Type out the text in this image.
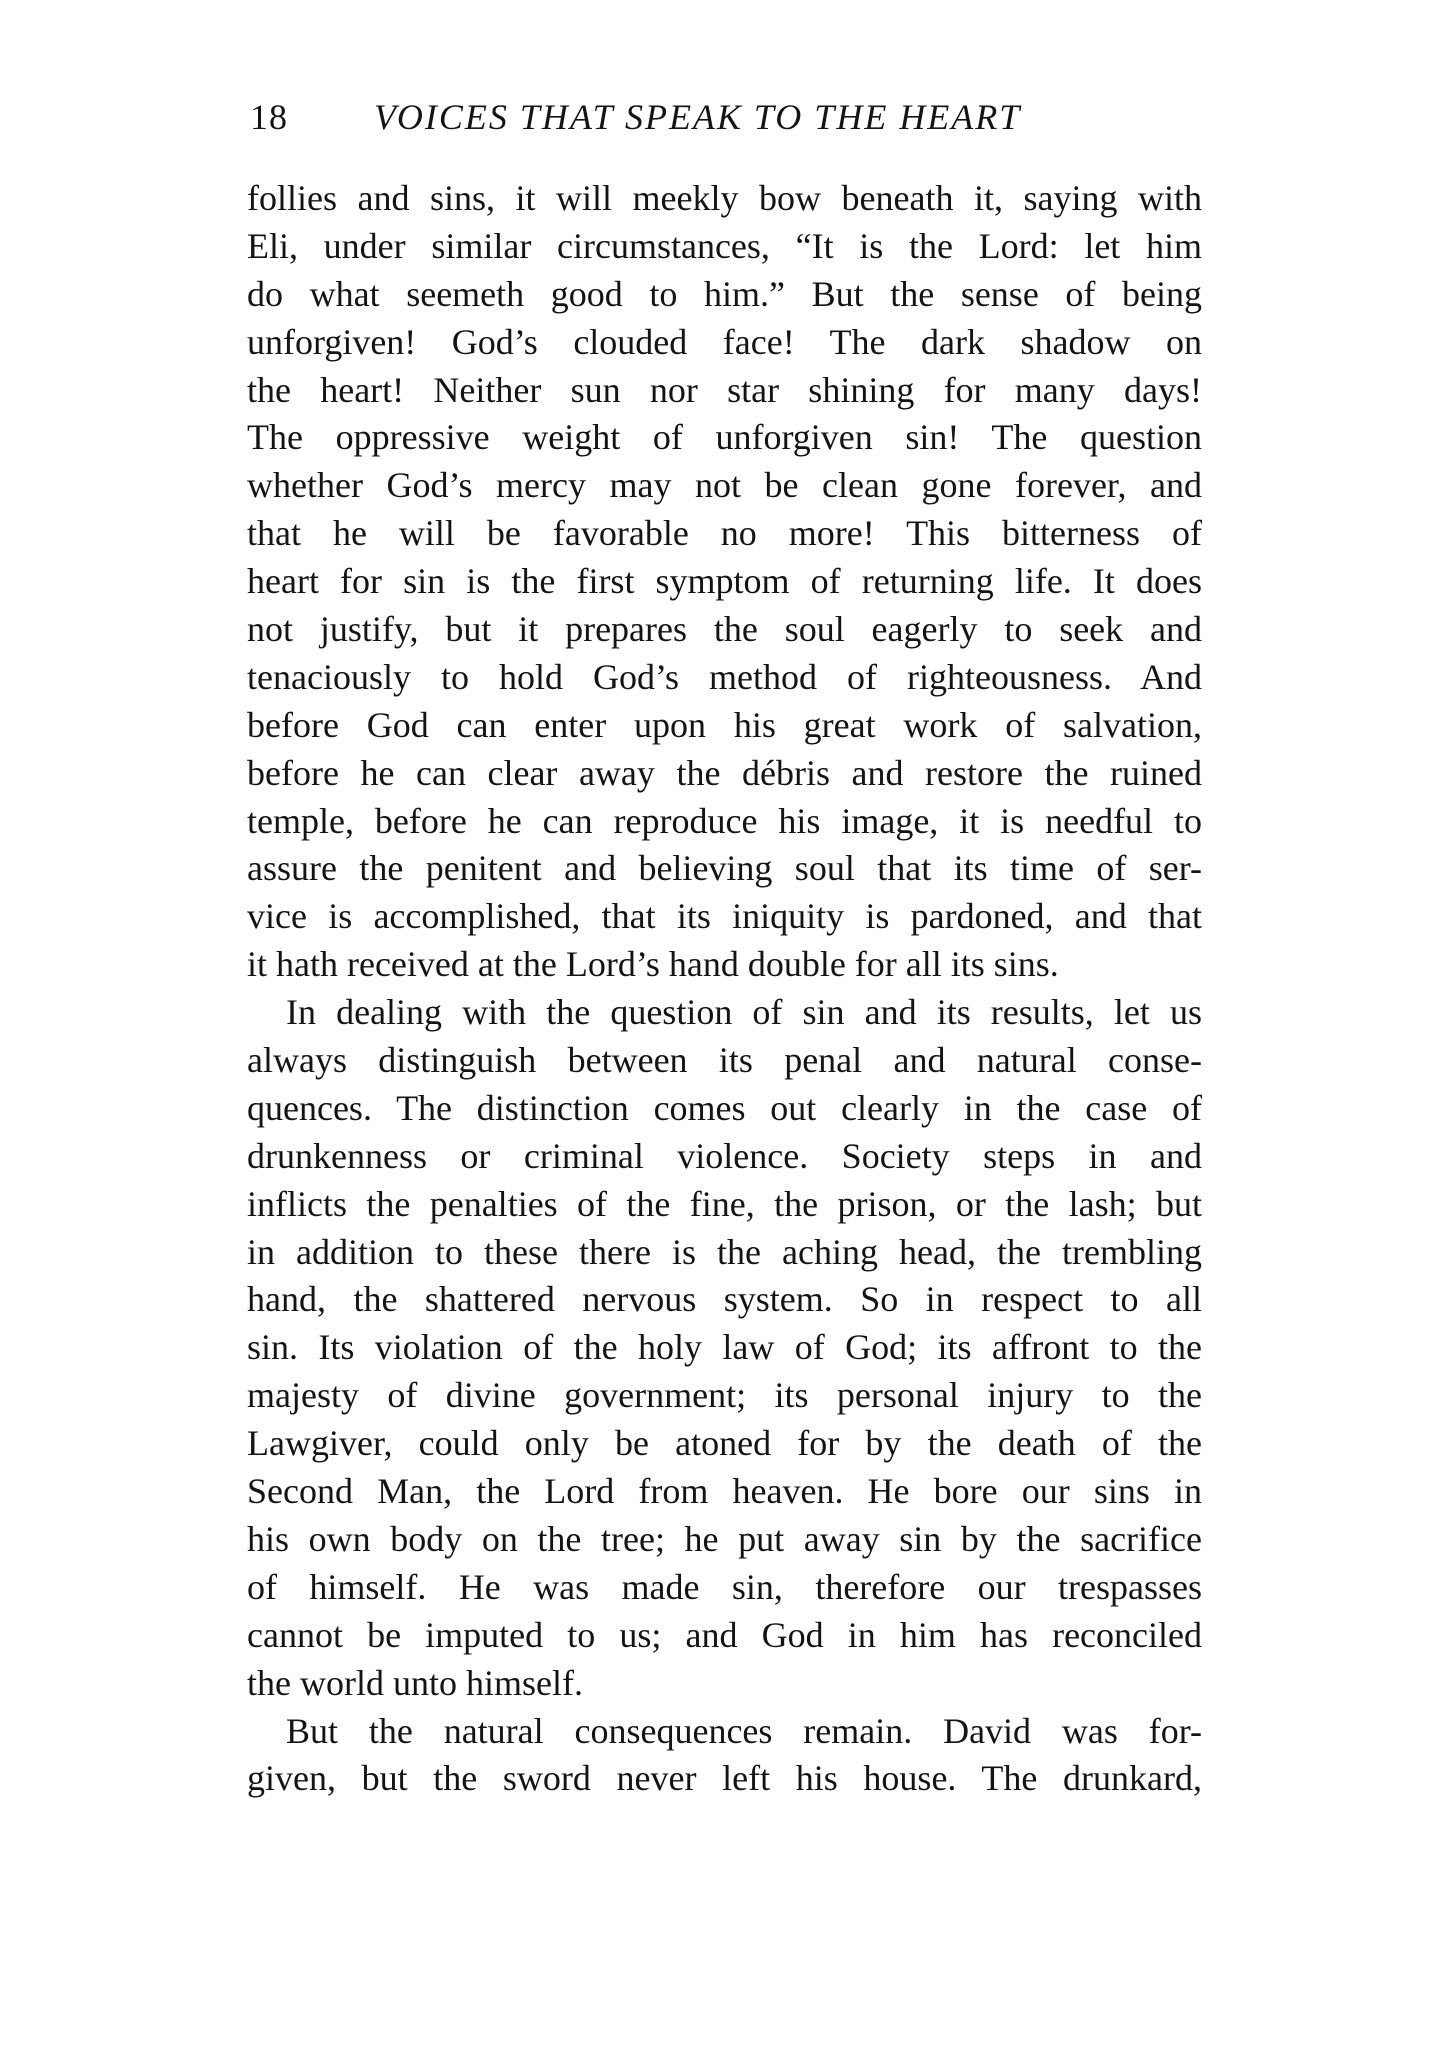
18 VOICES THAT SPEAK TO THE HEART
follies and sins, it will meekly bow beneath it, saying with
Eli, under similar circumstances, “It is the Lord: let him
do what seemeth good to him.” But the sense of being
unforgiven! God’s clouded face! The dark shadow on
the heart! Neither sun nor star shining for many days!
The oppressive weight of unforgiven sin! The question
whether God’s mercy may not be clean gone forever, and
that he will be favorable no more! This bitterness of
heart for sin is the first symptom of returning life. It does
not justify, but it prepares the soul eagerly to seek and
tenaciously to hold God’s method of righteousness. And
before God can enter upon his great work of salvation,
before he can clear away the débris and restore the ruined
temple, before he can reproduce his image, it is needful to
assure the penitent and believing soul that its time of ser-
vice is accomplished, that its iniquity is pardoned, and that
it hath received at the Lord’s hand double for all its sins.
In dealing with the question of sin and its results, let us
always distinguish between its penal and natural conse-
quences. The distinction comes out clearly in the case of
drunkenness or criminal violence. Society steps in and
inflicts the penalties of the fine, the prison, or the lash; but
in addition to these there is the aching head, the trembling
hand, the shattered nervous system. So in respect to all
sin. Its violation of the holy law of God; its affront to the
majesty of divine government; its personal injury to the
Lawgiver, could only be atoned for by the death of the
Second Man, the Lord from heaven. He bore our sins in
his own body on the tree; he put away sin by the sacrifice
of himself. He was made sin, therefore our trespasses
cannot be imputed to us; and God in him has reconciled
the world unto himself.
But the natural consequences remain. David was for-
given, but the sword never left his house. The drunkard,
